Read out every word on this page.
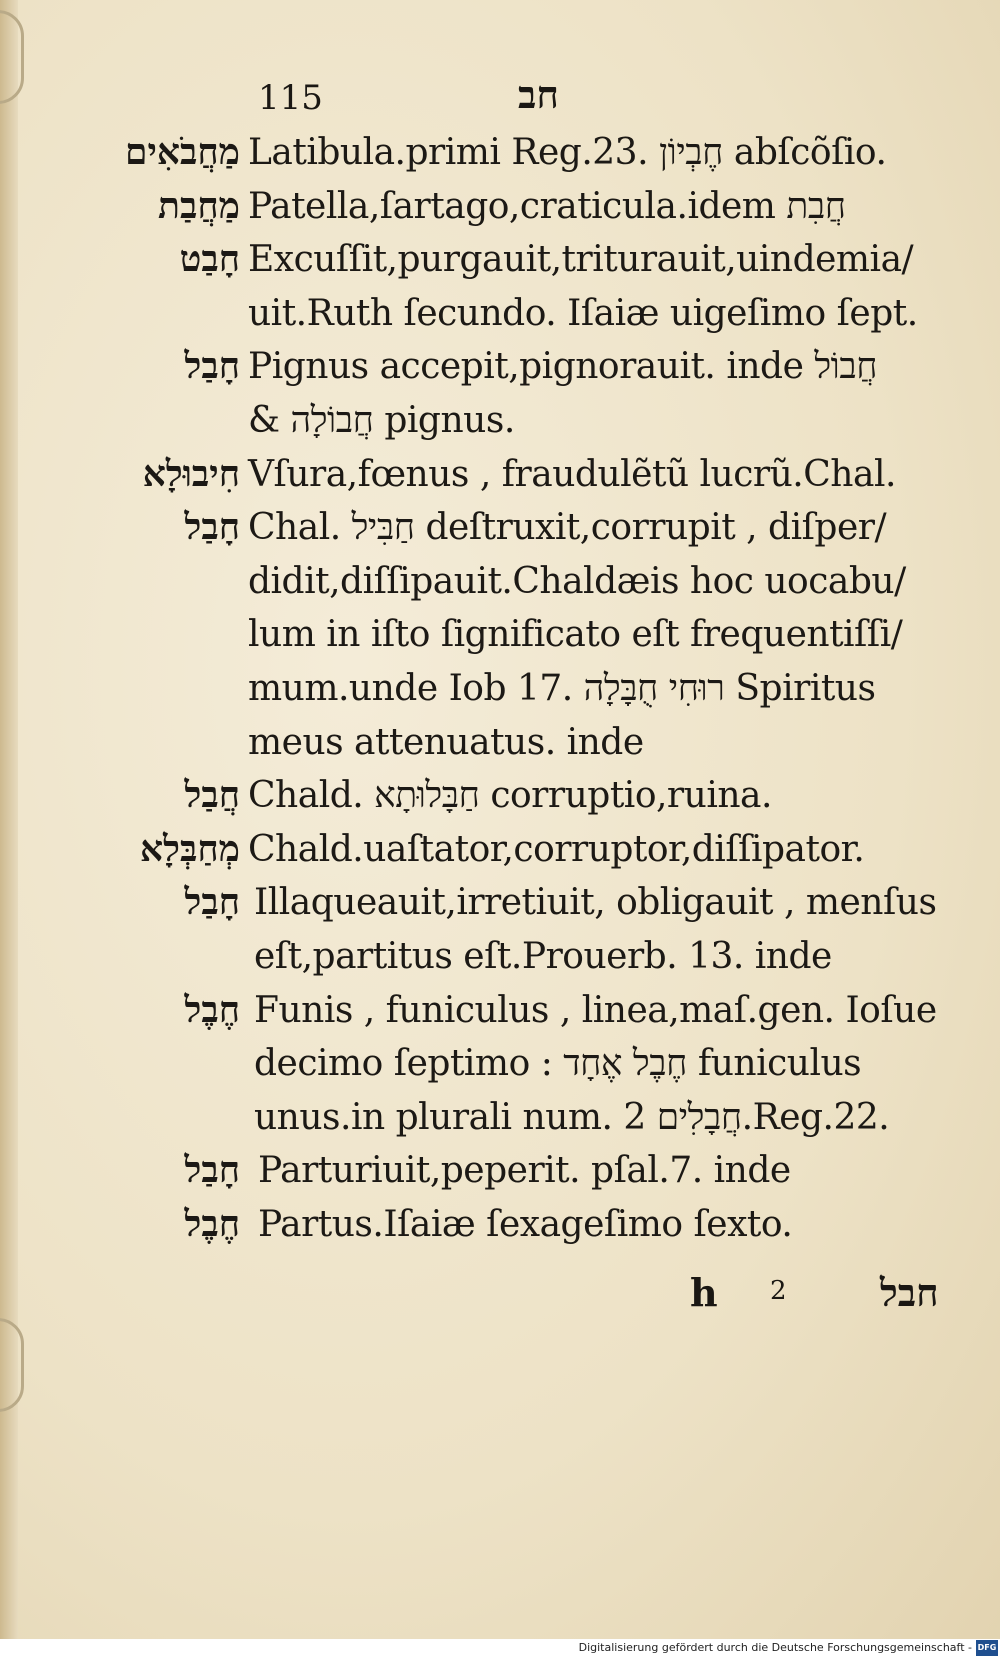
115	חב
מַחֲבֹאִים Latibula.primi Reg.23. חֶבְיוֹן abſcõſio.
מַחֲבַת Patella,ſartago,craticula.idem חֲבִת
חָבַט Excuſſit,purgauit,triturauit,uindemia/
uit.Ruth ſecundo. Iſaiæ uigeſimo ſept.
חָבַל Pignus accepit,pignorauit. inde חֲבוֹל
& חֲבוֹלָה pignus.
חִיבוּלָא Vſura,fœnus , fraudulẽtũ lucrũ.Chal.
חָבַל Chal. חַבִּיל deſtruxit,corrupit , diſper/
didit,diſſipauit.Chaldæis hoc uocabu/
lum in iſto ſignificato eſt frequentiſſi/
mum.unde Iob 17. רוּחִי חֻבָּלָה Spiritus
meus attenuatus. inde
חֲבַל Chald. חַבָּלוּתָא corruptio,ruina.
מְחַבְּלָא Chald.uaſtator,corruptor,diſſipator.
חָבַל Illaqueauit,irretiuit, obligauit , menſus
eſt,partitus eſt.Prouerb. 13. inde
חֶבֶל Funis , funiculus , linea,maſ.gen. Ioſue
decimo ſeptimo : חֶבֶל אֶחָד funiculus
unus.in plurali num. חֲבָלִים 2.Reg.22.
חָבַל Parturiuit,peperit. pſal.7. inde
חֶבֶל Partus.Iſaiæ ſexageſimo ſexto.
h 2 חבל
Digitalisierung gefördert durch die Deutsche Forschungsgemeinschaft - DFG
